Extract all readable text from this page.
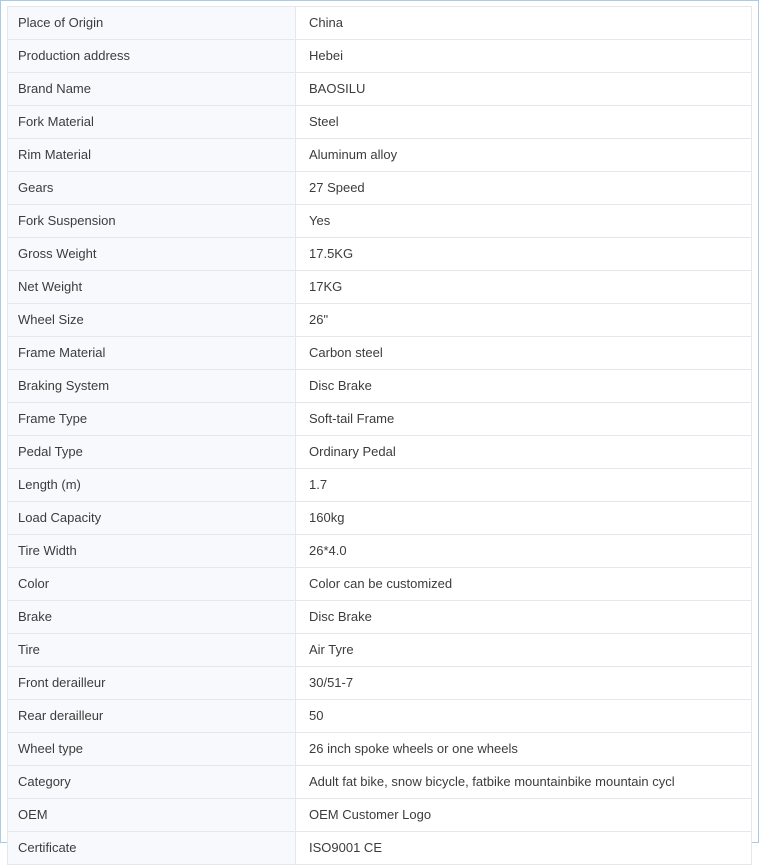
Place of Origin	China
Production address	Hebei
Brand Name	BAOSILU
Fork Material	Steel
Rim Material	Aluminum alloy
Gears	27 Speed
Fork Suspension	Yes
Gross Weight	17.5KG
Net Weight	17KG
Wheel Size	26"
Frame Material	Carbon steel
Braking System	Disc Brake
Frame Type	Soft-tail Frame
Pedal Type	Ordinary Pedal
Length (m)	1.7
Load Capacity	160kg
Tire Width	26*4.0
Color	Color can be customized
Brake	Disc Brake
Tire	Air Tyre
Front derailleur	30/51-7
Rear derailleur	50
Wheel type	26 inch spoke wheels or one wheels
Category	Adult fat bike, snow bicycle, fatbike mountainbike mountain cycl
OEM	OEM Customer Logo
Certificate	ISO9001 CE
